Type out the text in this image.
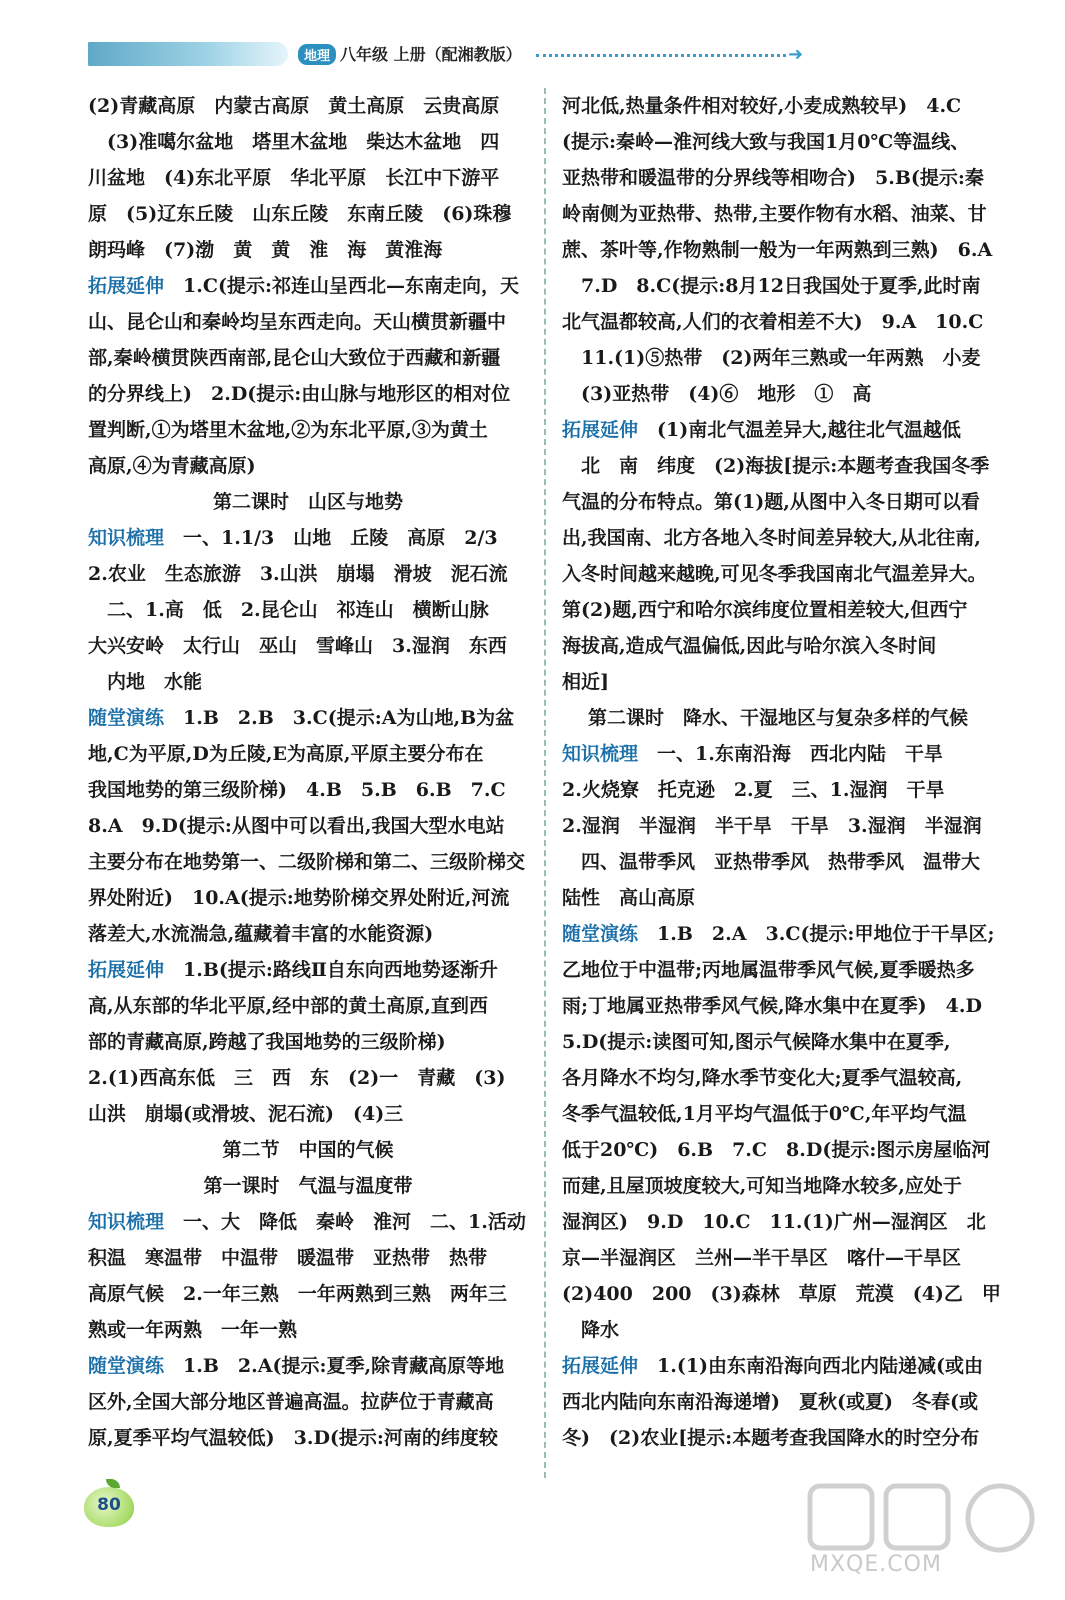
地理 八年级 上册（配湘教版）	➜
(2)青藏高原　内蒙古高原　黄土高原　云贵高原
　(3)准噶尔盆地　塔里木盆地　柴达木盆地　四
川盆地　(4)东北平原　华北平原　长江中下游平
原　(5)辽东丘陵　山东丘陵　东南丘陵　(6)珠穆
朗玛峰　(7)渤　黄　黄　淮　海　黄淮海
拓展延伸　1.C(提示:祁连山呈西北—东南走向，天
山、昆仑山和秦岭均呈东西走向。天山横贯新疆中
部,秦岭横贯陕西南部,昆仑山大致位于西藏和新疆
的分界线上)　2.D(提示:由山脉与地形区的相对位
置判断,①为塔里木盆地,②为东北平原,③为黄土
高原,④为青藏高原)
第二课时　山区与地势
知识梳理　一、1.1/3　山地　丘陵　高原　2/3
2.农业　生态旅游　3.山洪　崩塌　滑坡　泥石流
　二、1.高　低　2.昆仑山　祁连山　横断山脉
大兴安岭　太行山　巫山　雪峰山　3.湿润　东西
　内地　水能
随堂演练　1.B　2.B　3.C(提示:A为山地,B为盆
地,C为平原,D为丘陵,E为高原,平原主要分布在
我国地势的第三级阶梯)　4.B　5.B　6.B　7.C
8.A　9.D(提示:从图中可以看出,我国大型水电站
主要分布在地势第一、二级阶梯和第二、三级阶梯交
界处附近)　10.A(提示:地势阶梯交界处附近,河流
落差大,水流湍急,蕴藏着丰富的水能资源)
拓展延伸　1.B(提示:路线Ⅱ自东向西地势逐渐升
高,从东部的华北平原,经中部的黄土高原,直到西
部的青藏高原,跨越了我国地势的三级阶梯)
2.(1)西高东低　三　西　东　(2)一　青藏　(3)
山洪　崩塌(或滑坡、泥石流)　(4)三
第二节　中国的气候
第一课时　气温与温度带
知识梳理　一、大　降低　秦岭　淮河　二、1.活动
积温　寒温带　中温带　暖温带　亚热带　热带
高原气候　2.一年三熟　一年两熟到三熟　两年三
熟或一年两熟　一年一熟
随堂演练　1.B　2.A(提示:夏季,除青藏高原等地
区外,全国大部分地区普遍高温。拉萨位于青藏高
原,夏季平均气温较低)　3.D(提示:河南的纬度较
河北低,热量条件相对较好,小麦成熟较早)　4.C
(提示:秦岭—淮河线大致与我国1月0℃等温线、
亚热带和暖温带的分界线等相吻合)　5.B(提示:秦
岭南侧为亚热带、热带,主要作物有水稻、油菜、甘
蔗、茶叶等,作物熟制一般为一年两熟到三熟)　6.A
　7.D　8.C(提示:8月12日我国处于夏季,此时南
北气温都较高,人们的衣着相差不大)　9.A　10.C
　11.(1)⑤热带　(2)两年三熟或一年两熟　小麦
　(3)亚热带　(4)⑥　地形　①　高
拓展延伸　(1)南北气温差异大,越往北气温越低
　北　南　纬度　(2)海拔[提示:本题考查我国冬季
气温的分布特点。第(1)题,从图中入冬日期可以看
出,我国南、北方各地入冬时间差异较大,从北往南,
入冬时间越来越晚,可见冬季我国南北气温差异大。
第(2)题,西宁和哈尔滨纬度位置相差较大,但西宁
海拔高,造成气温偏低,因此与哈尔滨入冬时间
相近]
第二课时　降水、干湿地区与复杂多样的气候
知识梳理　一、1.东南沿海　西北内陆　干旱
2.火烧寮　托克逊　2.夏　三、1.湿润　干旱
2.湿润　半湿润　半干旱　干旱　3.湿润　半湿润
　四、温带季风　亚热带季风　热带季风　温带大
陆性　高山高原
随堂演练　1.B　2.A　3.C(提示:甲地位于干旱区;
乙地位于中温带;丙地属温带季风气候,夏季暖热多
雨;丁地属亚热带季风气候,降水集中在夏季)　4.D
5.D(提示:读图可知,图示气候降水集中在夏季,
各月降水不均匀,降水季节变化大;夏季气温较高,
冬季气温较低,1月平均气温低于0℃,年平均气温
低于20℃)　6.B　7.C　8.D(提示:图示房屋临河
而建,且屋顶坡度较大,可知当地降水较多,应处于
湿润区)　9.D　10.C　11.(1)广州—湿润区　北
京—半湿润区　兰州—半干旱区　喀什—干旱区
(2)400　200　(3)森林　草原　荒漠　(4)乙　甲
　降水
拓展延伸　1.(1)由东南沿海向西北内陆递减(或由
西北内陆向东南沿海递增)　夏秋(或夏)　冬春(或
冬)　(2)农业[提示:本题考查我国降水的时空分布
80
MXQE.COM
